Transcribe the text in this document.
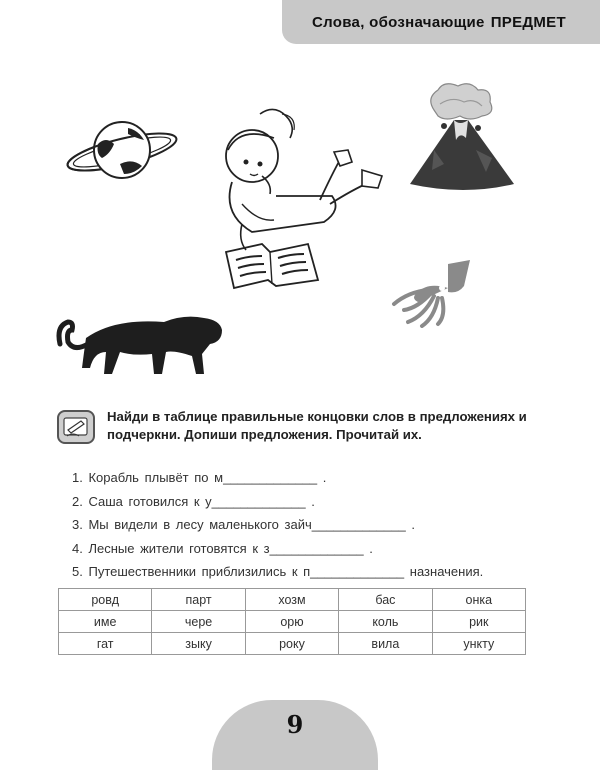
Слова, обозначающие ПРЕДМЕТ
Найди в таблице правильные концовки слов в предложениях и подчеркни. Допиши предложения. Прочитай их.
1. Корабль плывёт по м_____________ .
2. Саша готовился к у_____________ .
3. Мы видели в лесу маленького зайч_____________ .
4. Лесные жители готовятся к з_____________ .
5. Путешественники приблизились к п_____________ назначения.
ровд	парт	хозм	бас	онка
име	чере	орю	коль	рик
гат	зыку	року	вила	ункту
9
